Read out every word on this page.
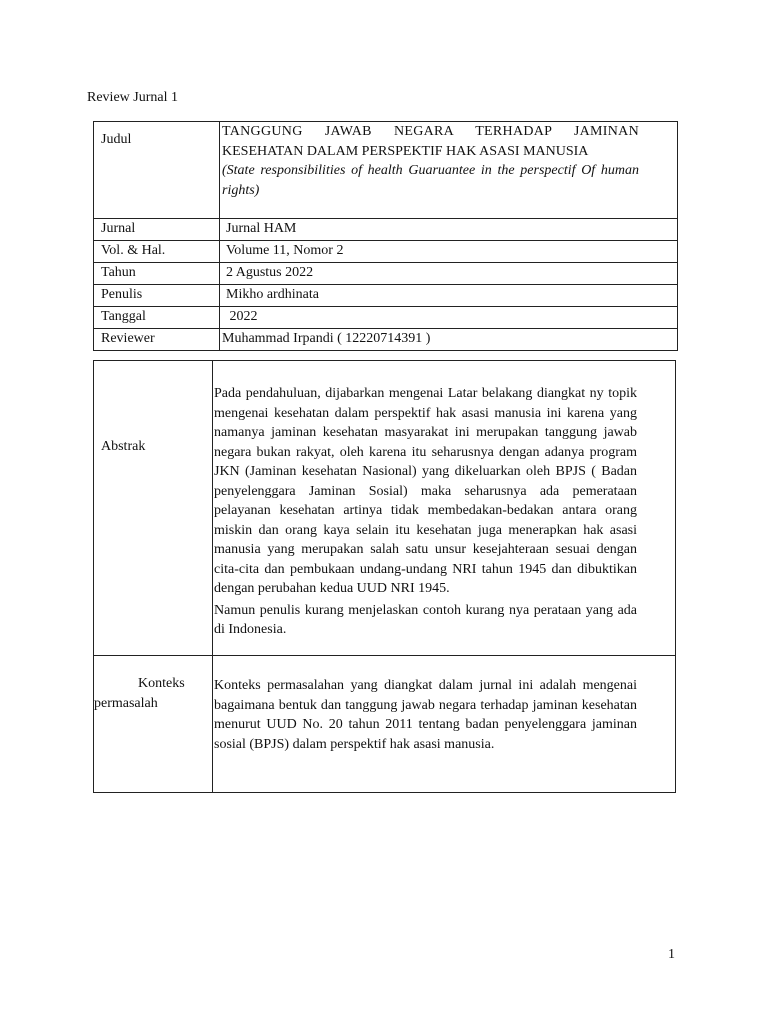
Review Jurnal 1
Judul	TANGGUNG JAWAB NEGARA TERHADAP JAMINAN
KESEHATAN DALAM PERSPEKTIF HAK ASASI MANUSIA
(State responsibilities of health Guaruantee in the perspectif Of human rights)

Jurnal	Jurnal HAM
Vol. & Hal.	Volume 11, Nomor 2
Tahun	2 Agustus 2022
Penulis	Mikho ardhinata
Tanggal	2022
Reviewer	Muhammad Irpandi ( 12220714391 )
Abstrak	Pada pendahuluan, dijabarkan mengenai Latar belakang diangkat ny topik mengenai kesehatan dalam perspektif hak asasi manusia ini karena yang namanya jaminan kesehatan masyarakat ini merupakan tanggung jawab negara bukan rakyat, oleh karena itu seharusnya dengan adanya program JKN (Jaminan kesehatan Nasional) yang dikeluarkan oleh BPJS ( Badan penyelenggara Jaminan Sosial) maka seharusnya ada pemerataan pelayanan kesehatan artinya tidak membedakan-bedakan antara orang miskin dan orang kaya selain itu kesehatan juga menerapkan hak asasi manusia yang merupakan salah satu unsur kesejahteraan sesuai dengan cita-cita dan pembukaan undang-undang NRI tahun 1945 dan dibuktikan dengan perubahan kedua UUD NRI 1945.

Namun penulis kurang menjelaskan contoh kurang nya perataan yang ada di Indonesia.

Konteks
permasalah	Konteks permasalahan yang diangkat dalam jurnal ini adalah mengenai bagaimana bentuk dan tanggung jawab negara terhadap jaminan kesehatan menurut UUD No. 20 tahun 2011 tentang badan penyelenggara jaminan sosial (BPJS) dalam perspektif hak asasi manusia.
1
